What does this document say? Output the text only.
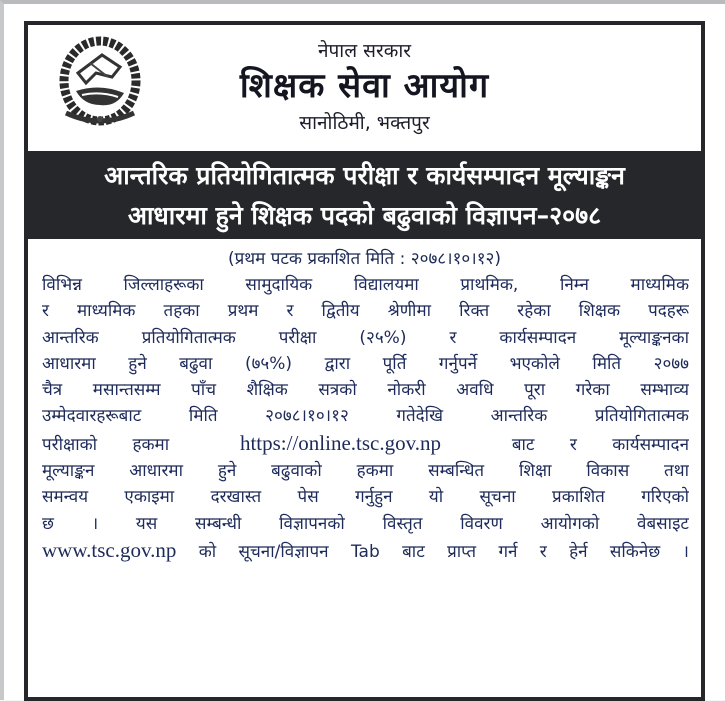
नेपाल सरकार
शिक्षक सेवा आयोग
सानोठिमी, भक्तपुर
आन्तरिक प्रतियोगितात्मक परीक्षा र कार्यसम्पादन मूल्याङ्कन
आधारमा हुने शिक्षक पदको बढुवाको विज्ञापन–२०७८
(प्रथम पटक प्रकाशित मिति : २०७८।१०।१२)
विभिन्न जिल्लाहरूका सामुदायिक विद्यालयमा प्राथमिक, निम्न माध्यमिक
र माध्यमिक तहका प्रथम र द्वितीय श्रेणीमा रिक्त रहेका शिक्षक पदहरू
आन्तरिक प्रतियोगितात्मक परीक्षा (२५%) र कार्यसम्पादन मूल्याङ्कनका
आधारमा हुने बढुवा (७५%) द्वारा पूर्ति गर्नुपर्ने भएकोले मिति २०७७
चैत्र मसान्तसम्म पाँच शैक्षिक सत्रको नोकरी अवधि पूरा गरेका सम्भाव्य
उम्मेदवारहरूबाट मिति २०७८।१०।१२ गतेदेखि आन्तरिक प्रतियोगितात्मक
परीक्षाको हकमा	https://online.tsc.gov.np	बाट र कार्यसम्पादन
मूल्याङ्कन आधारमा हुने बढुवाको हकमा सम्बन्धित शिक्षा विकास तथा
समन्वय एकाइमा दरखास्त पेस गर्नुहुन यो सूचना प्रकाशित गरिएको
छ । यस सम्बन्धी विज्ञापनको विस्तृत विवरण आयोगको वेबसाइट
www.tsc.gov.np को सूचना/विज्ञापन Tab बाट प्राप्त गर्न र हेर्न सकिनेछ ।
